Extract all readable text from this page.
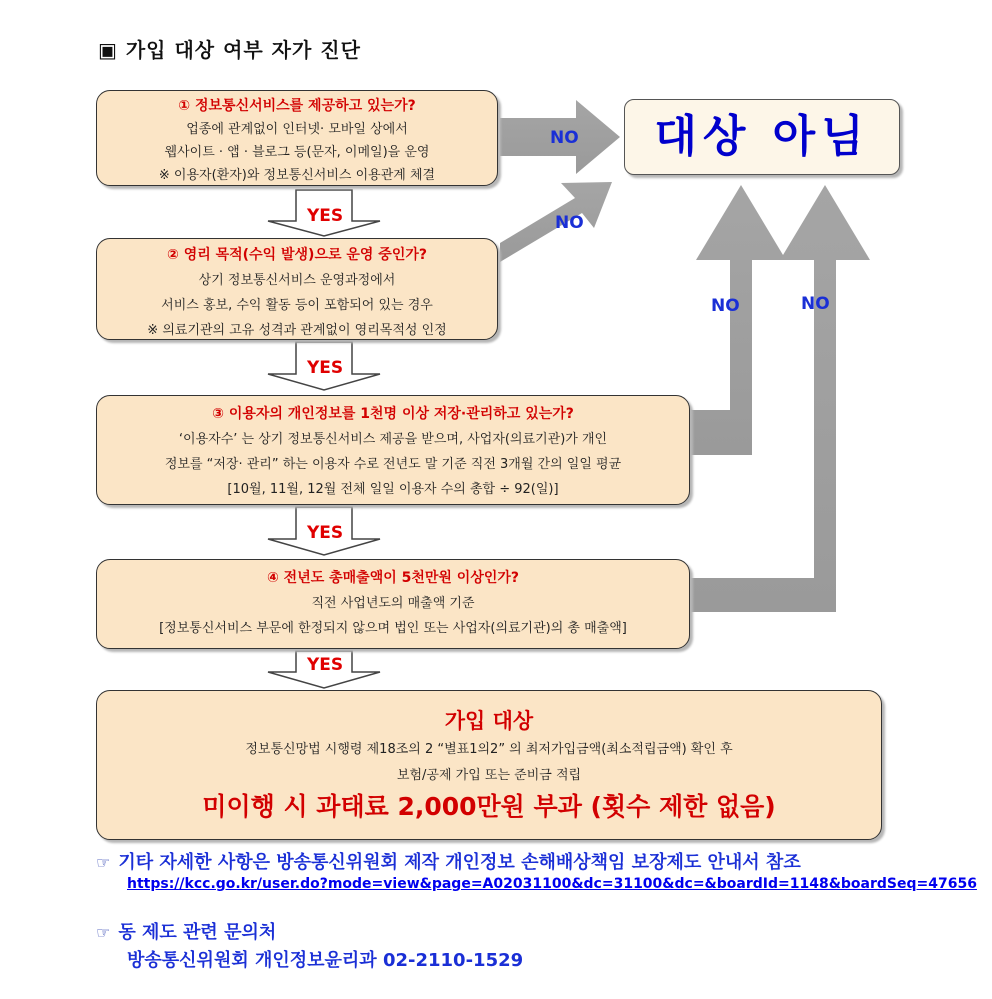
▣ 가입 대상 여부 자가 진단
YES
YES
YES
YES
NO
NO
NO	NO
① 정보통신서비스를 제공하고 있는가?
업종에 관계없이 인터넷· 모바일 상에서
웹사이트 · 앱 · 블로그 등(문자, 이메일)을 운영
※ 이용자(환자)와 정보통신서비스 이용관계 체결
② 영리 목적(수익 발생)으로 운영 중인가?
상기 정보통신서비스 운영과정에서
서비스 홍보, 수익 활동 등이 포함되어 있는 경우
※ 의료기관의 고유 성격과 관계없이 영리목적성 인정
③ 이용자의 개인정보를 1천명 이상 저장·관리하고 있는가?
‘이용자수’ 는 상기 정보통신서비스 제공을 받으며, 사업자(의료기관)가 개인
정보를 “저장· 관리” 하는 이용자 수로 전년도 말 기준 직전 3개월 간의 일일 평균
[10월, 11월, 12월 전체 일일 이용자 수의 총합 ÷ 92(일)]
④ 전년도 총매출액이 5천만원 이상인가?
직전 사업년도의 매출액 기준
[정보통신서비스 부문에 한정되지 않으며 법인 또는 사업자(의료기관)의 총 매출액]
대상 아님
가입 대상
정보통신망법 시행령 제18조의 2 “별표1의2” 의 최저가입금액(최소적립금액) 확인 후
보험/공제 가입 또는 준비금 적립
미이행 시 과태료 2,000만원 부과 (횟수 제한 없음)
☞ 기타 자세한 사항은 방송통신위원회 제작 개인정보 손해배상책임 보장제도 안내서 참조
https://kcc.go.kr/user.do?mode=view&page=A02031100&dc=31100&dc=&boardId=1148&boardSeq=47656
☞ 동 제도 관련 문의처
방송통신위원회 개인정보윤리과 02-2110-1529
